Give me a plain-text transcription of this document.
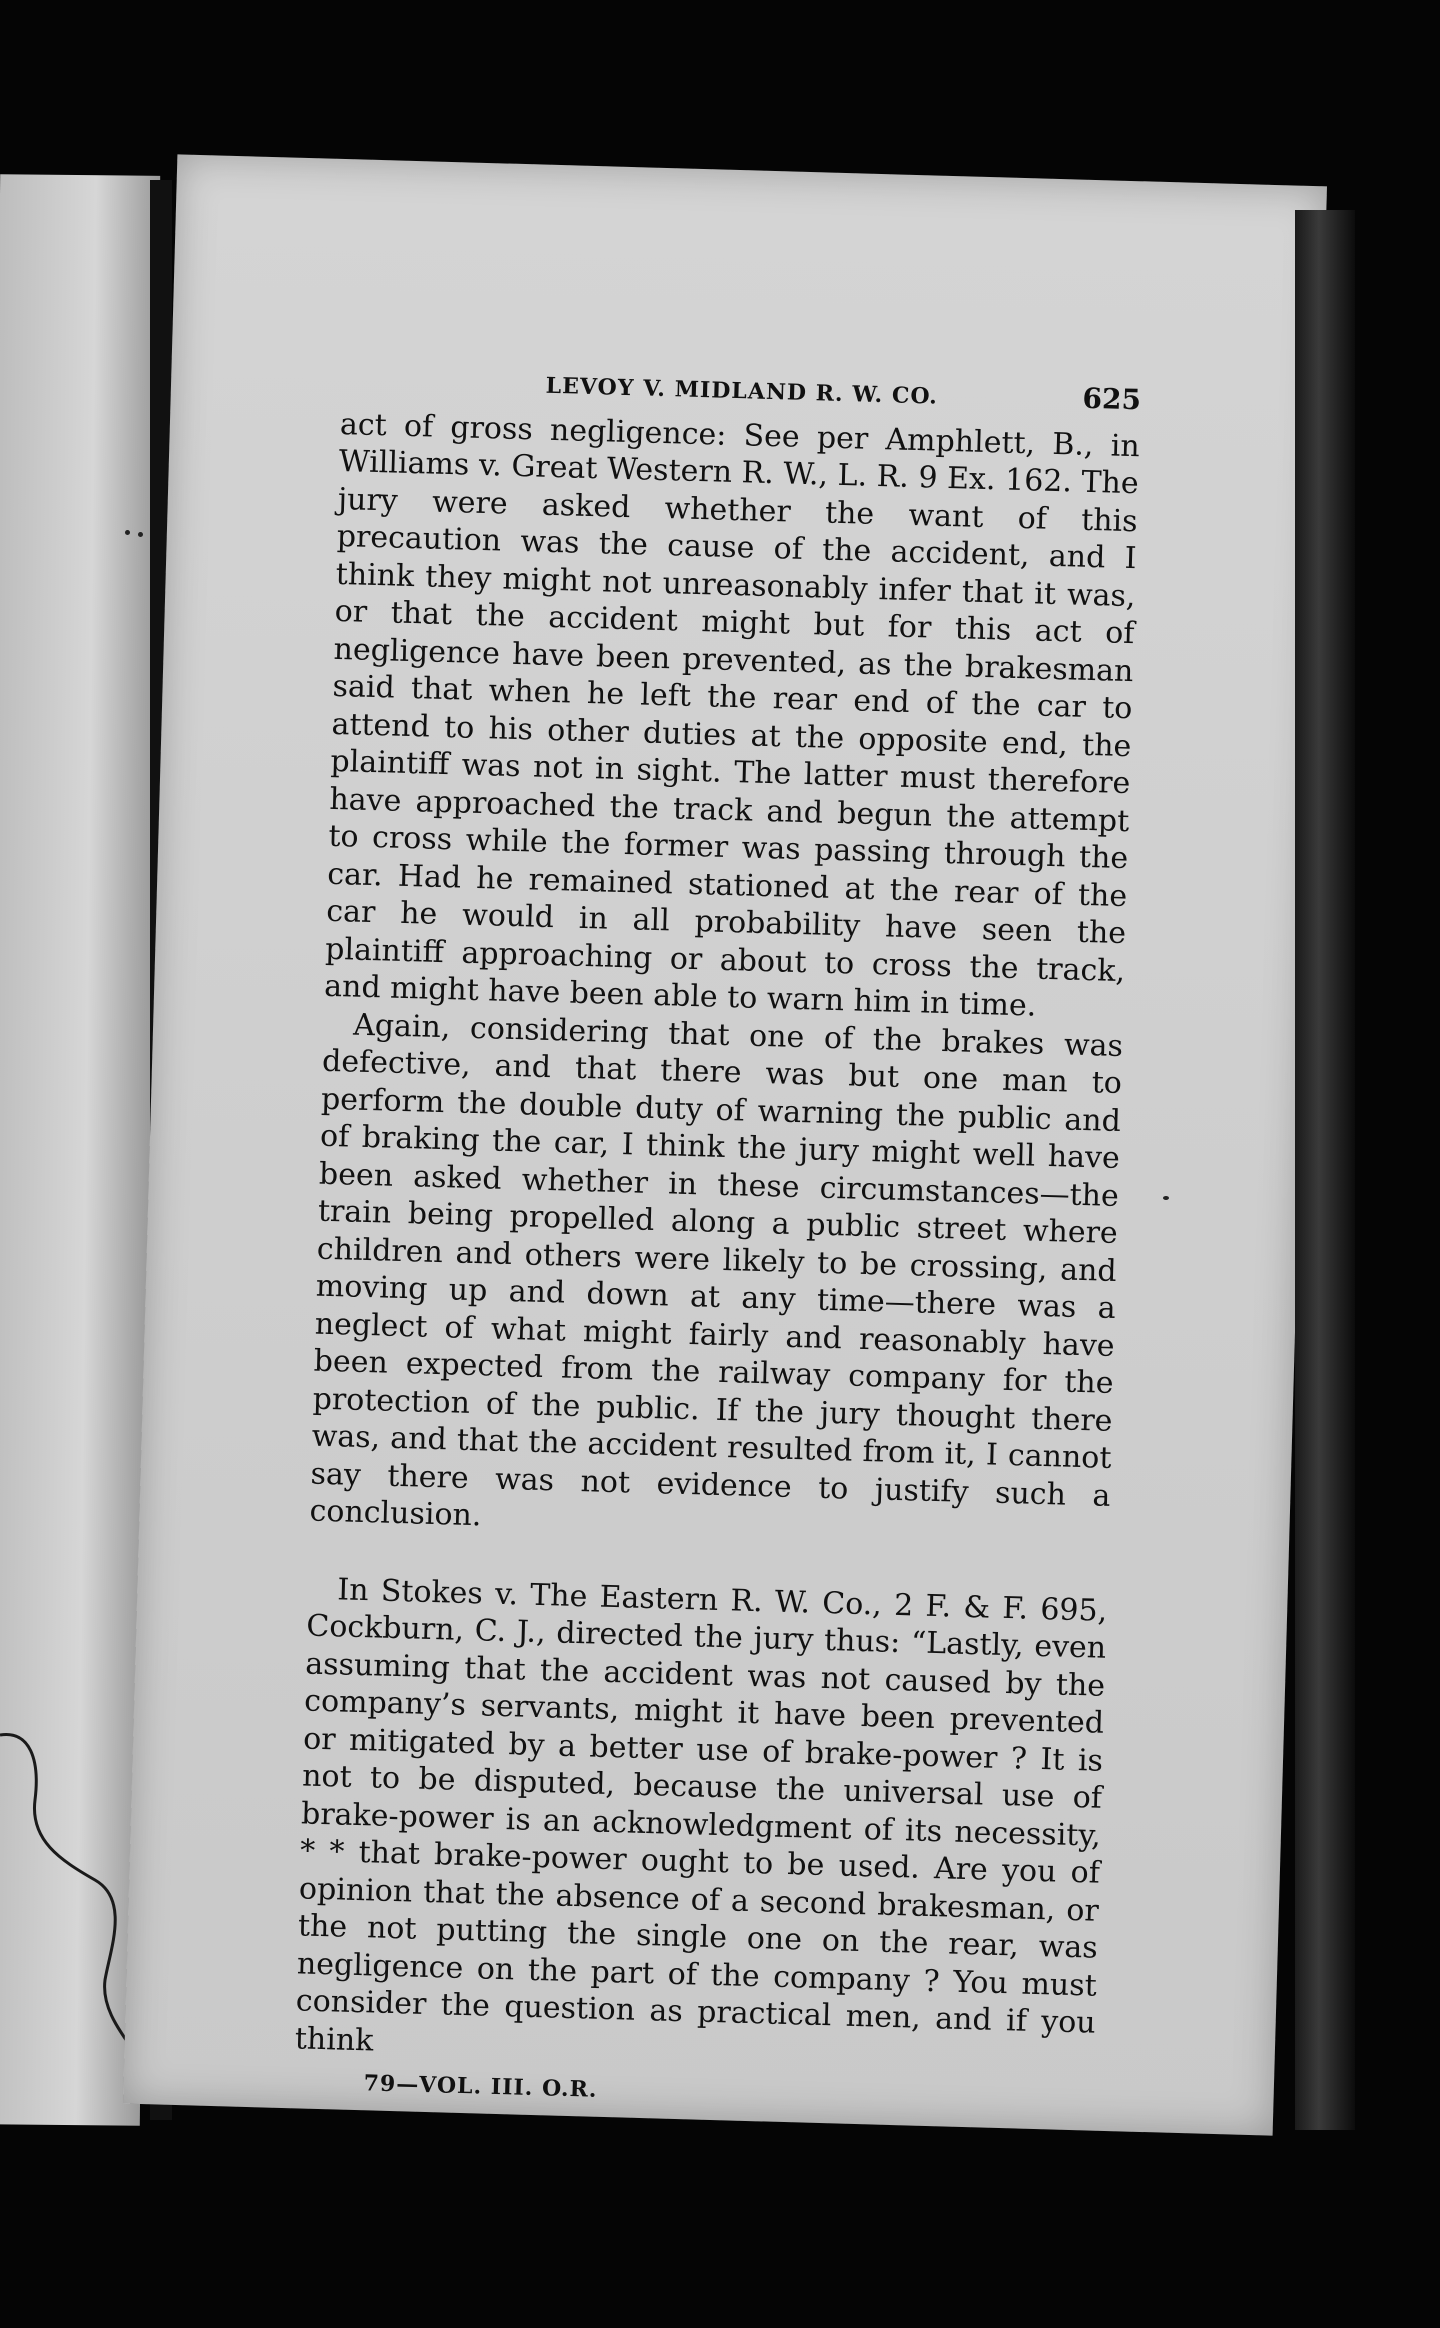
LEVOY V. MIDLAND R. W. CO.	625

act of gross negligence: See per Amphlett, B., in Williams v. Great Western R. W., L. R. 9 Ex. 162. The jury were asked whether the want of this precaution was the cause of the accident, and I think they might not unreasonably infer that it was, or that the accident might but for this act of negligence have been prevented, as the brakesman said that when he left the rear end of the car to attend to his other duties at the opposite end, the plaintiff was not in sight. The latter must therefore have approached the track and begun the attempt to cross while the former was passing through the car. Had he remained stationed at the rear of the car he would in all probability have seen the plaintiff approaching or about to cross the track, and might have been able to warn him in time.

Again, considering that one of the brakes was defective, and that there was but one man to perform the double duty of warning the public and of braking the car, I think the jury might well have been asked whether in these circumstances—the train being propelled along a public street where children and others were likely to be crossing, and moving up and down at any time—there was a neglect of what might fairly and reasonably have been expected from the railway company for the protection of the public. If the jury thought there was, and that the accident resulted from it, I cannot say there was not evidence to justify such a conclusion.

In Stokes v. The Eastern R. W. Co., 2 F. & F. 695, Cockburn, C. J., directed the jury thus: “Lastly, even assuming that the accident was not caused by the company’s servants, might it have been prevented or mitigated by a better use of brake-power ? It is not to be disputed, because the universal use of brake-power is an acknowledgment of its necessity, * * that brake-power ought to be used. Are you of opinion that the absence of a second brakesman, or the not putting the single one on the rear, was negligence on the part of the company ? You must consider the question as practical men, and if you think

79—VOL. III. O.R.
